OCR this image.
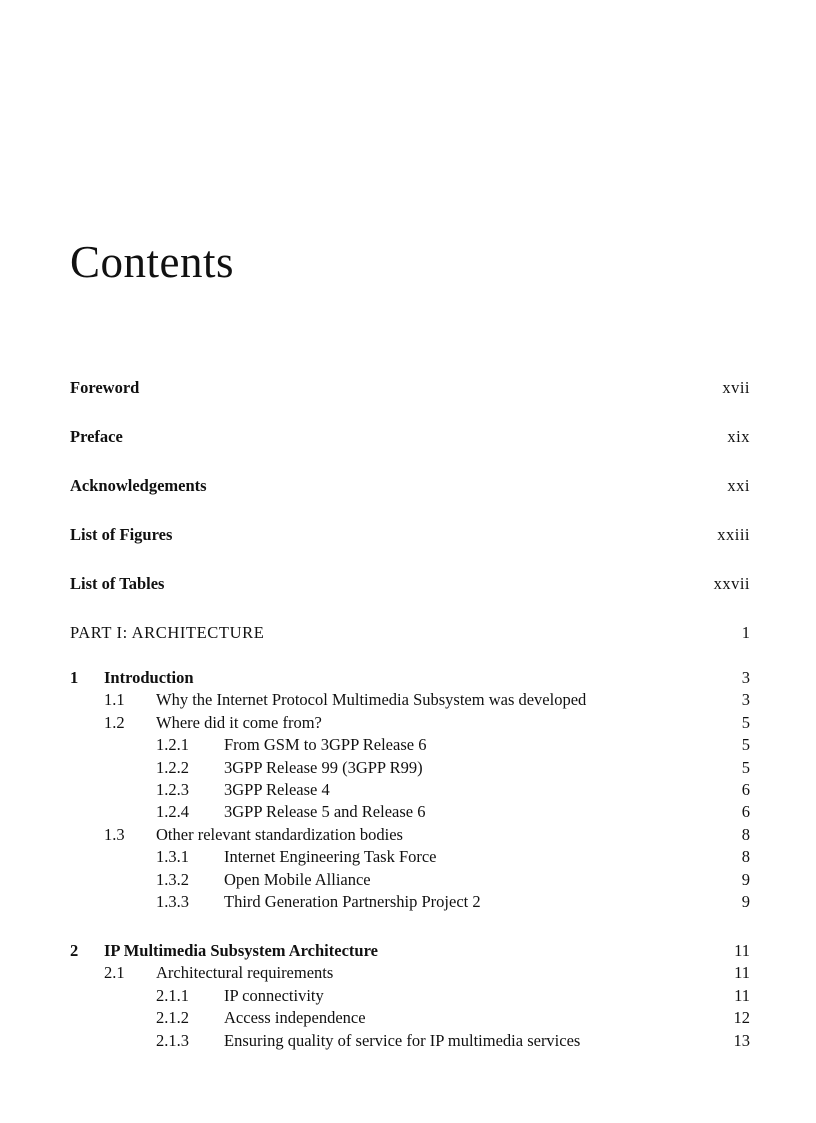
Contents
Foreword	xvii
Preface	xix
Acknowledgements	xxi
List of Figures	xxiii
List of Tables	xxvii
PART I: ARCHITECTURE	1
1 Introduction	3
1.1 Why the Internet Protocol Multimedia Subsystem was developed	3
1.2 Where did it come from?	5
1.2.1 From GSM to 3GPP Release 6	5
1.2.2 3GPP Release 99 (3GPP R99)	5
1.2.3 3GPP Release 4	6
1.2.4 3GPP Release 5 and Release 6	6
1.3 Other relevant standardization bodies	8
1.3.1 Internet Engineering Task Force	8
1.3.2 Open Mobile Alliance	9
1.3.3 Third Generation Partnership Project 2	9
2 IP Multimedia Subsystem Architecture	11
2.1 Architectural requirements	11
2.1.1 IP connectivity	11
2.1.2 Access independence	12
2.1.3 Ensuring quality of service for IP multimedia services	13
